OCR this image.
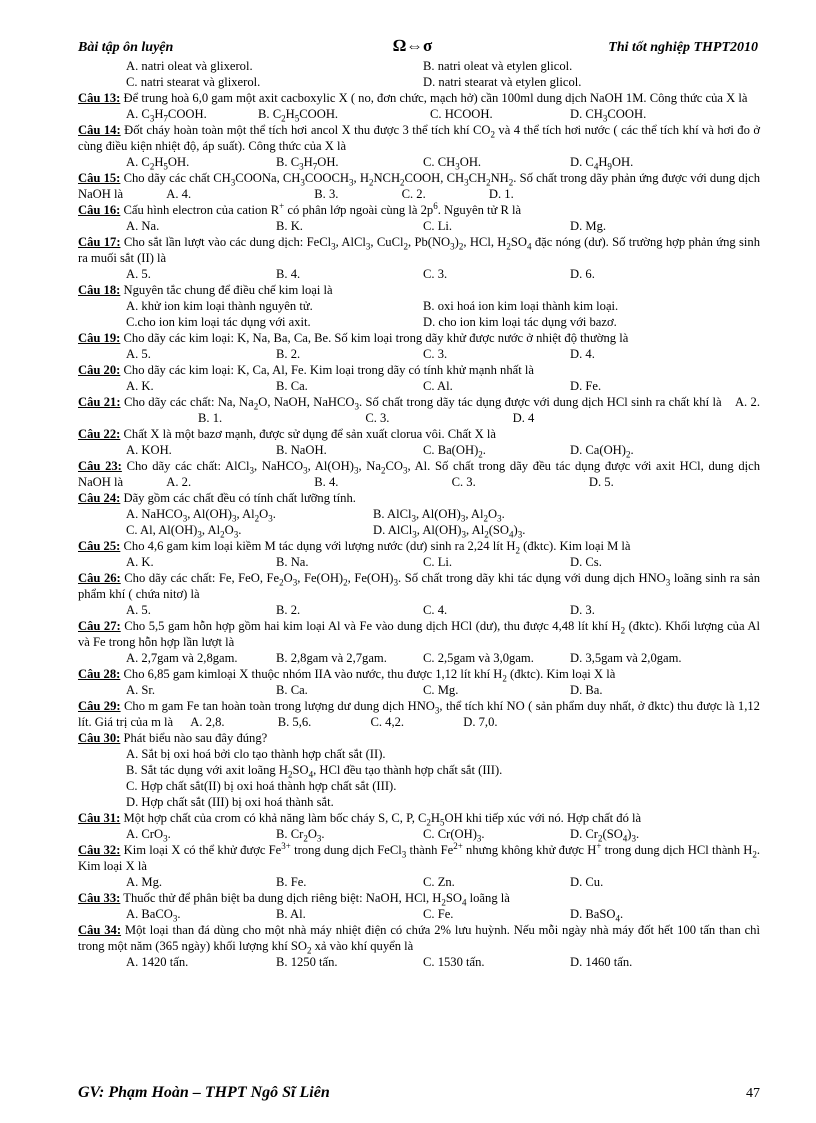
Bài tập ôn luyện	Ω⇔σ	Thi tốt nghiệp THPT2010
A. natri oleat và glixerol.	B. natri oleat và etylen glicol.
C. natri stearat và glixerol.	D. natri stearat và etylen glicol.
Câu 13: Để trung hoà 6,0 gam một axit cacboxylic X ( no, đơn chức, mạch hở) cần 100ml dung dịch NaOH 1M. Công thức của X là
A. $C_3H_7COOH$.	B. $C_2H_5COOH$.	C. HCOOH.	D. $CH_3COOH$.
Câu 14: Đốt cháy hoàn toàn một thể tích hơi ancol X thu được 3 thể tích khí $CO_2$ và 4 thể tích hơi nước ( các thể tích khí và hơi đo ở cùng điều kiện nhiệt độ, áp suất). Công thức của X là
A. $C_2H_5OH$.	B. $C_3H_7OH$.	C. $CH_3OH$.	D. $C_4H_9OH$.
Câu 15: Cho dãy các chất $CH_3COONa$, $CH_3COOCH_3$, $H_2NCH_2COOH$, $CH_3CH_2NH_2$. Số chất trong dãy phản ứng được với dung dịch NaOH là	A. 4.	B. 3.	C. 2.	D. 1.
Câu 16: Cấu hình electron của cation R+ có phân lớp ngoài cùng là $2p^6$. Nguyên tử R là
A. Na.	B. K.	C. Li.	D. Mg.
Câu 17: Cho sắt lần lượt vào các dung dịch: FeCl$_3$, AlCl$_3$, CuCl$_2$, $Pb(NO_3)_2$, HCl, $H_2SO_4$ đặc nóng (dư). Số trường hợp phản ứng sinh ra muối sắt (II) là
A. 5.	B. 4.	C. 3.	D. 6.
Câu 18: Nguyên tắc chung để điều chế kim loại là
A. khử ion kim loại thành nguyên tử.	B. oxi hoá ion kim loại thành kim loại.
C.cho ion kim loại tác dụng với axit.	D. cho ion kim loại tác dụng với bazơ.
Câu 19: Cho dãy các kim loại: K, Na, Ba, Ca, Be. Số kim loại trong dãy khử được nước ở nhiệt độ thường là
A. 5.	B. 2.	C. 3.	D. 4.
Câu 20: Cho dãy các kim loại: K, Ca, Al, Fe. Kim loại trong dãy có tính khử mạnh nhất là
A. K.	B. Ca.	C. Al.	D. Fe.
Câu 21: Cho dãy các chất: Na, $Na_2O$, NaOH, NaHCO$_3$. Số chất trong dãy tác dụng được với dung dịch HCl sinh ra chất khí là A. 2. B. 1.	C. 3.	D. 4
Câu 22: Chất X là một bazơ mạnh, được sử dụng để sản xuất clorua vôi. Chất X là
A. KOH.	B. NaOH.	C. $Ba(OH)_2$.	D. $Ca(OH)_2$.
Câu 23: Cho dãy các chất: AlCl$_3$, NaHCO$_3$, $Al(OH)_3$, $Na_2CO_3$, Al. Số chất trong dãy đều tác dụng được với axit HCl, dung dịch NaOH là	A. 2.	B. 4.	C. 3.	D. 5.
Câu 24: Dãy gồm các chất đều có tính chất lưỡng tính.
A. NaHCO$_3$, $Al(OH)_3$, $Al_2O_3$.	B. AlCl$_3$, $Al(OH)_3$, $Al_2O_3$.
C. Al, $Al(OH)_3$, $Al_2O_3$.	D. AlCl$_3$, $Al(OH)_3$, $Al_2(SO_4)_3$.
Câu 25: Cho 4,6 gam kim loại kiềm M tác dụng với lượng nước (dư) sinh ra 2,24 lít $H_2$ (đktc). Kim loại M là
A. K.	B. Na.	C. Li.	D. Cs.
Câu 26: Cho dãy các chất: Fe, FeO, $Fe_2O_3$, $Fe(OH)_2$, $Fe(OH)_3$. Số chất trong dãy khi tác dụng với dung dịch $HNO_3$ loãng sinh ra sản phẩm khí ( chứa nitơ) là
A. 5.	B. 2.	C. 4.	D. 3.
Câu 27: Cho 5,5 gam hỗn hợp gồm hai kim loại Al và Fe vào dung dịch HCl (dư), thu được 4,48 lít khí $H_2$ (đktc). Khối lượng của Al và Fe trong hỗn hợp lần lượt là
A. 2,7gam và 2,8gam.	B. 2,8gam và 2,7gam.	C. 2,5gam và 3,0gam.	D. 3,5gam và 2,0gam.
Câu 28: Cho 6,85 gam kimloại X thuộc nhóm IIA vào nước, thu được 1,12 lít khí $H_2$ (đktc). Kim loại X là
A. Sr.	B. Ca.	C. Mg.	D. Ba.
Câu 29: Cho m gam Fe tan hoàn toàn trong lượng dư dung dịch $HNO_3$, thể tích khí NO ( sản phẩm duy nhất, ở đktc) thu được là 1,12 lít. Giá trị của m là A. 2,8.	B. 5,6.	C. 4,2.	D. 7,0.
Câu 30: Phát biểu nào sau đây đúng?
A. Sắt bị oxi hoá bởi clo tạo thành hợp chất sắt (II).
B. Sắt tác dụng với axit loãng $H_2SO_4$, HCl đều tạo thành hợp chất sắt (III).
C. Hợp chất sắt(II) bị oxi hoá thành hợp chất sắt (III).
D. Hợp chất sắt (III) bị oxi hoá thành sắt.
Câu 31: Một hợp chất của crom có khả năng làm bốc cháy S, C, P, $C_2H_5OH$ khi tiếp xúc với nó. Hợp chất đó là
A. CrO$_3$.	B. $Cr_2O_3$.	C. $Cr(OH)_3$.	D. $Cr_2(SO_4)_3$.
Câu 32: Kim loại X có thể khử được $Fe^{3+}$ trong dung dịch FeCl$_3$ thành $Fe^{2+}$ nhưng không khử được H+ trong dung dịch HCl thành $H_2$. Kim loại X là
A. Mg.	B. Fe.	C. Zn.	D. Cu.
Câu 33: Thuốc thử để phân biệt ba dung dịch riêng biệt: NaOH, HCl, $H_2SO_4$ loãng là
A. BaCO$_3$.	B. Al.	C. Fe.	D. BaSO$_4$.
Câu 34: Một loại than đá dùng cho một nhà máy nhiệt điện có chứa 2% lưu huỳnh. Nếu mỗi ngày nhà máy đốt hết 100 tấn than chì trong một năm (365 ngày) khối lượng khí $SO_2$ xả vào khí quyển là
A. 1420 tấn.	B. 1250 tấn.	C. 1530 tấn.	D. 1460 tấn.
GV: Phạm Hoàn – THPT Ngô Sĩ Liên	47
